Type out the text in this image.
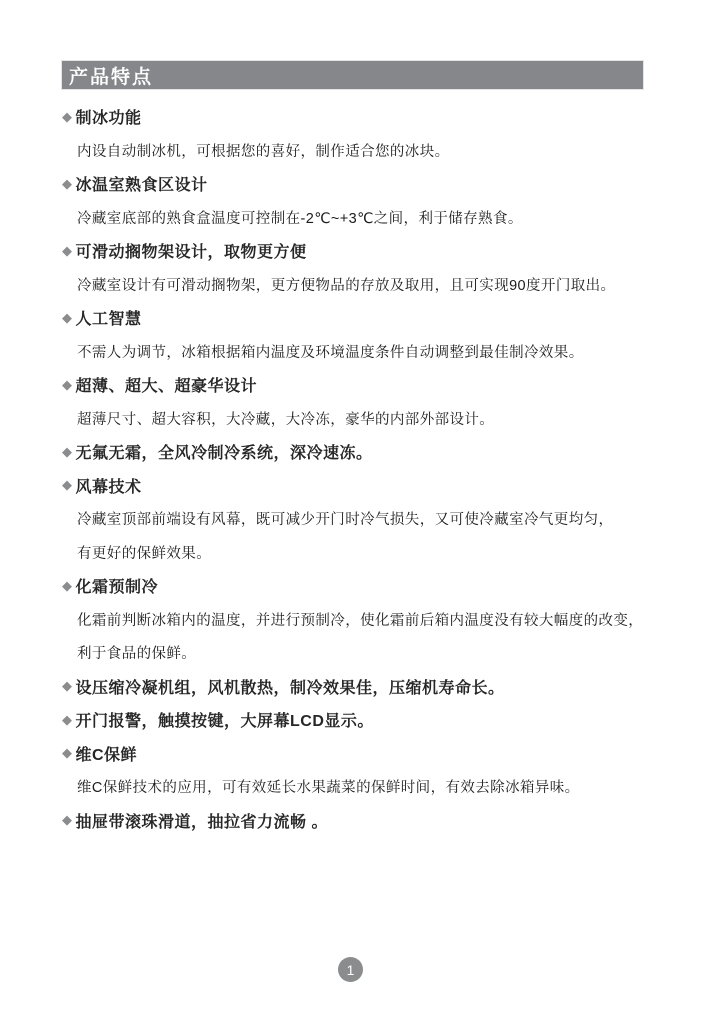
产品特点
◆ 制冰功能
内设自动制冰机，可根据您的喜好，制作适合您的冰块。
◆ 冰温室熟食区设计
冷藏室底部的熟食盒温度可控制在-2℃~+3℃之间，利于储存熟食。
◆ 可滑动搁物架设计，取物更方便
冷藏室设计有可滑动搁物架，更方便物品的存放及取用，且可实现90度开门取出。
◆ 人工智慧
不需人为调节，冰箱根据箱内温度及环境温度条件自动调整到最佳制冷效果。
◆ 超薄、超大、超豪华设计
超薄尺寸、超大容积，大冷藏，大冷冻，豪华的内部外部设计。
◆ 无氟无霜，全风冷制冷系统，深冷速冻。
◆ 风幕技术
冷藏室顶部前端设有风幕，既可减少开门时冷气损失，又可使冷藏室冷气更均匀，
有更好的保鲜效果。
◆ 化霜预制冷
化霜前判断冰箱内的温度，并进行预制冷，使化霜前后箱内温度没有较大幅度的改变，
利于食品的保鲜。
◆ 设压缩冷凝机组，风机散热，制冷效果佳，压缩机寿命长。
◆ 开门报警，触摸按键，大屏幕LCD显示。
◆ 维C保鲜
维C保鲜技术的应用，可有效延长水果蔬菜的保鲜时间，有效去除冰箱异味。
◆ 抽屉带滚珠滑道，抽拉省力流畅 。
1
